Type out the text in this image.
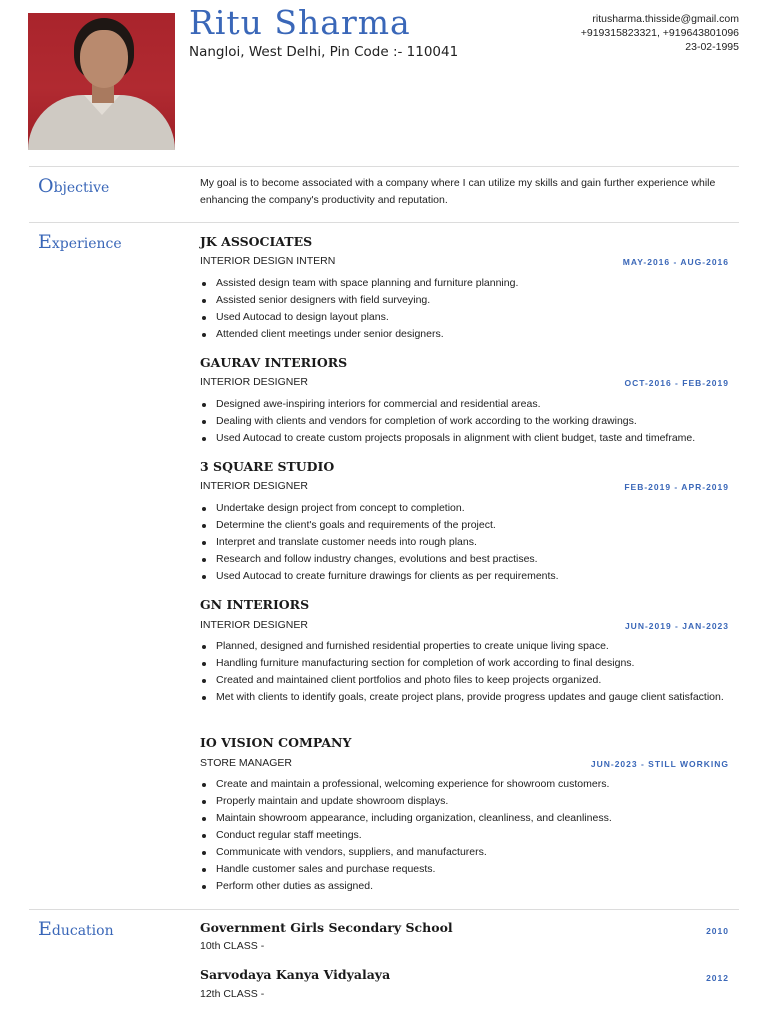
Ritu Sharma
Nangloi, West Delhi, Pin Code :- 110041
ritusharma.thisside@gmail.com
+919315823321, +919643801096
23-02-1995
Objective	My goal is to become associated with a company where I can utilize my skills and gain further experience while enhancing the company's productivity and reputation.
Experience	JK ASSOCIATES
INTERIOR DESIGN INTERN	MAY-2016 - AUG-2016
Assisted design team with space planning and furniture planning.
Assisted senior designers with field surveying.
Used Autocad to design layout plans.
Attended client meetings under senior designers.
GAURAV INTERIORS
INTERIOR DESIGNER	OCT-2016 - FEB-2019
Designed awe-inspiring interiors for commercial and residential areas.
Dealing with clients and vendors for completion of work according to the working drawings.
Used Autocad to create custom projects proposals in alignment with client budget, taste and timeframe.
3 SQUARE STUDIO
INTERIOR DESIGNER	FEB-2019 - APR-2019
Undertake design project from concept to completion.
Determine the client's goals and requirements of the project.
Interpret and translate customer needs into rough plans.
Research and follow industry changes, evolutions and best practises.
Used Autocad to create furniture drawings for clients as per requirements.
GN INTERIORS
INTERIOR DESIGNER	JUN-2019 - JAN-2023
Planned, designed and furnished residential properties to create unique living space.
Handling furniture manufacturing section for completion of work according to final designs.
Created and maintained client portfolios and photo files to keep projects organized.
Met with clients to identify goals, create project plans, provide progress updates and gauge client satisfaction.
IO VISION COMPANY
STORE MANAGER	JUN-2023 - STILL WORKING
Create and maintain a professional, welcoming experience for showroom customers.
Properly maintain and update showroom displays.
Maintain showroom appearance, including organization, cleanliness, and cleanliness.
Conduct regular staff meetings.
Communicate with vendors, suppliers, and manufacturers.
Handle customer sales and purchase requests.
Perform other duties as assigned.
Education	Government Girls Secondary School
10th CLASS -
2010
Sarvodaya Kanya Vidyalaya
12th CLASS -
2012
